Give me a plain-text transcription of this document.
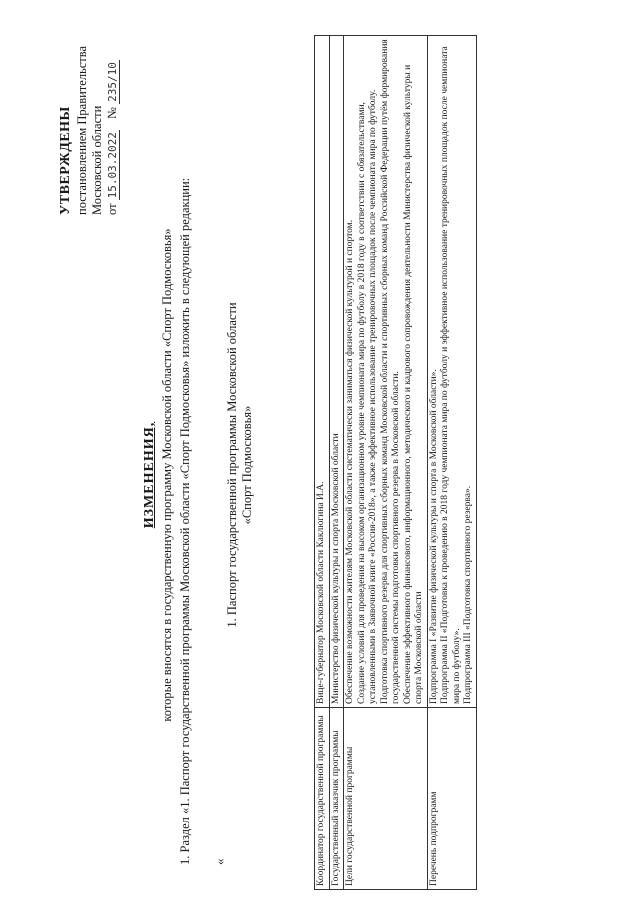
УТВЕРЖДЕНЫ постановлением Правительства Московской области от 15.03.2022 № 235/10
ИЗМЕНЕНИЯ, которые вносятся в государственную программу Московской области «Спорт Подмосковья» 1. Раздел «1. Паспорт государственной программы Московской области «Спорт Подмосковья» изложить в следующей редакции: «
1. Паспорт государственной программы Московской области «Спорт Подмосковья»
Координатор государственной программы	Вице-губернатор Московской области Каклюгина И.А.

Государственный заказчик программы	Министерство физической культуры и спорта Московской области

Цели государственной программы	Обеспечение возможности жителям Московской области систематически заниматься физической культурой и спортом. Создание условий для проведения на высоком организационном уровне чемпионата мира по футболу в 2018 году в соответствии с обязательствами, установленными в Заявочной книге «Россия-2018», а также эффективное использование тренировочных площадок после чемпионата мира по футболу. Подготовка спортивного резерва для спортивных сборных команд Московской области и спортивных сборных команд Российской Федерации путём формирования государственной системы подготовки спортивного резерва в Московской области. Обеспечение эффективного финансового, информационного, методического и кадрового сопровождения деятельности Министерства физической культуры и спорта Московской области

Перечень подпрограмм	Подпрограмма I «Развитие физической культуры и спорта в Московской области». Подпрограмма II «Подготовка к проведению в 2018 году чемпионата мира по футболу и эффективное использование тренировочных площадок после чемпионата мира по футболу». Подпрограмма III «Подготовка спортивного резерва».
